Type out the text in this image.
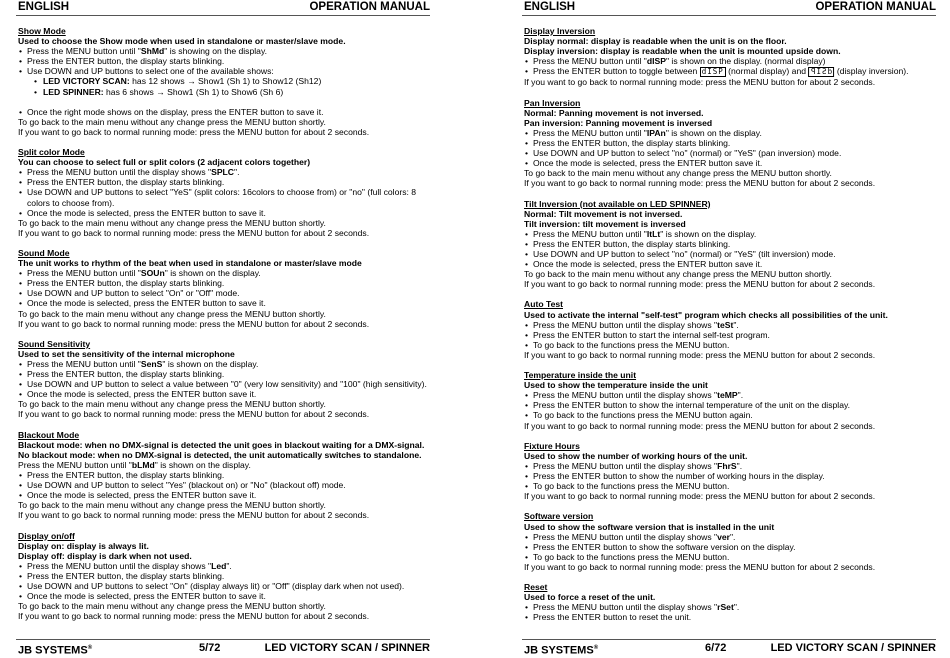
ENGLISH	OPERATION MANUAL
Show Mode
Used to choose the Show mode when used in standalone or master/slave mode.
• Press the MENU button until "ShMd" is showing on the display.
• Press the ENTER button, the display starts blinking.
• Use DOWN and UP buttons to select one of the available shows:
• LED VICTORY SCAN: has 12 shows → Show1 (Sh 1) to Show12 (Sh12)
• LED SPINNER: has 6 shows → Show1 (Sh 1) to Show6 (Sh 6)
• Once the right mode shows on the display, press the ENTER button to save it.
To go back to the main menu without any change press the MENU button shortly.
If you want to go back to normal running mode: press the MENU button for about 2 seconds.
Split color Mode
You can choose to select full or split colors (2 adjacent colors together)
• Press the MENU button until the display shows "SPLC".
• Press the ENTER button, the display starts blinking.
• Use DOWN and UP buttons to select "YeS" (split colors: 16colors to choose from) or "no" (full colors: 8 colors to choose from).
• Once the mode is selected, press the ENTER button to save it.
To go back to the main menu without any change press the MENU button shortly.
If you want to go back to normal running mode: press the MENU button for about 2 seconds.
Sound Mode
The unit works to rhythm of the beat when used in standalone or master/slave mode
• Press the MENU button until "SOUn" is shown on the display.
• Press the ENTER button, the display starts blinking.
• Use DOWN and UP button to select "On" or "Off" mode.
• Once the mode is selected, press the ENTER button to save it.
To go back to the main menu without any change press the MENU button shortly.
If you want to go back to normal running mode: press the MENU button for about 2 seconds.
Sound Sensitivity
Used to set the sensitivity of the internal microphone
• Press the MENU button until "SenS" is shown on the display.
• Press the ENTER button, the display starts blinking.
• Use DOWN and UP button to select a value between "0" (very low sensitivity) and "100" (high sensitivity).
• Once the mode is selected, press the ENTER button save it.
To go back to the main menu without any change press the MENU button shortly.
If you want to go back to normal running mode: press the MENU button for about 2 seconds.
Blackout Mode
Blackout mode: when no DMX-signal is detected the unit goes in blackout waiting for a DMX-signal.
No blackout mode: when no DMX-signal is detected, the unit automatically switches to standalone.
Press the MENU button until "bLMd" is shown on the display.
• Press the ENTER button, the display starts blinking.
• Use DOWN and UP button to select "Yes" (blackout on) or "No" (blackout off) mode.
• Once the mode is selected, press the ENTER button save it.
To go back to the main menu without any change press the MENU button shortly.
If you want to go back to normal running mode: press the MENU button for about 2 seconds.
Display on/off
Display on: display is always lit.
Display off: display is dark when not used.
• Press the MENU button until the display shows "Led".
• Press the ENTER button, the display starts blinking.
• Use DOWN and UP buttons to select "On" (display always lit) or "Off" (display dark when not used).
• Once the mode is selected, press the ENTER button to save it.
To go back to the main menu without any change press the MENU button shortly.
If you want to go back to normal running mode: press the MENU button for about 2 seconds.
JB SYSTEMS®	5/72	LED VICTORY SCAN / SPINNER
ENGLISH	OPERATION MANUAL
Display Inversion
Display normal: display is readable when the unit is on the floor.
Display inversion: display is readable when the unit is mounted upside down.
• Press the MENU button until "dISP" is shown on the display. (normal display)
• Press the ENTER button to toggle between dISP (normal display) and dSIP (display inversion).
If you want to go back to normal running mode: press the MENU button for about 2 seconds.
Pan Inversion
Normal: Panning movement is not inversed.
Pan inversion: Panning movement is inversed
• Press the MENU button until "IPAn" is shown on the display.
• Press the ENTER button, the display starts blinking.
• Use DOWN and UP button to select "no" (normal) or "YeS" (pan inversion) mode.
• Once the mode is selected, press the ENTER button save it.
To go back to the main menu without any change press the MENU button shortly.
If you want to go back to normal running mode: press the MENU button for about 2 seconds.
Tilt Inversion (not available on LED SPINNER)
Normal: Tilt movement is not inversed.
Tilt inversion: tilt movement is inversed
• Press the MENU button until "ItLt" is shown on the display.
• Press the ENTER button, the display starts blinking.
• Use DOWN and UP button to select "no" (normal) or "YeS" (tilt inversion) mode.
• Once the mode is selected, press the ENTER button save it.
To go back to the main menu without any change press the MENU button shortly.
If you want to go back to normal running mode: press the MENU button for about 2 seconds.
Auto Test
Used to activate the internal "self-test" program which checks all possibilities of the unit.
• Press the MENU button until the display shows "teSt".
• Press the ENTER button to start the internal self-test program.
• To go back to the functions press the MENU button.
If you want to go back to normal running mode: press the MENU button for about 2 seconds.
Temperature inside the unit
Used to show the temperature inside the unit
• Press the MENU button until the display shows "teMP".
• Press the ENTER button to show the internal temperature of the unit on the display.
• To go back to the functions press the MENU button again.
If you want to go back to normal running mode: press the MENU button for about 2 seconds.
Fixture Hours
Used to show the number of working hours of the unit.
• Press the MENU button until the display shows "FhrS".
• Press the ENTER button to show the number of working hours in the display.
• To go back to the functions press the MENU button.
If you want to go back to normal running mode: press the MENU button for about 2 seconds.
Software version
Used to show the software version that is installed in the unit
• Press the MENU button until the display shows "ver".
• Press the ENTER button to show the software version on the display.
• To go back to the functions press the MENU button.
If you want to go back to normal running mode: press the MENU button for about 2 seconds.
Reset
Used to force a reset of the unit.
• Press the MENU button until the display shows "rSet".
• Press the ENTER button to reset the unit.
JB SYSTEMS®	6/72	LED VICTORY SCAN / SPINNER
